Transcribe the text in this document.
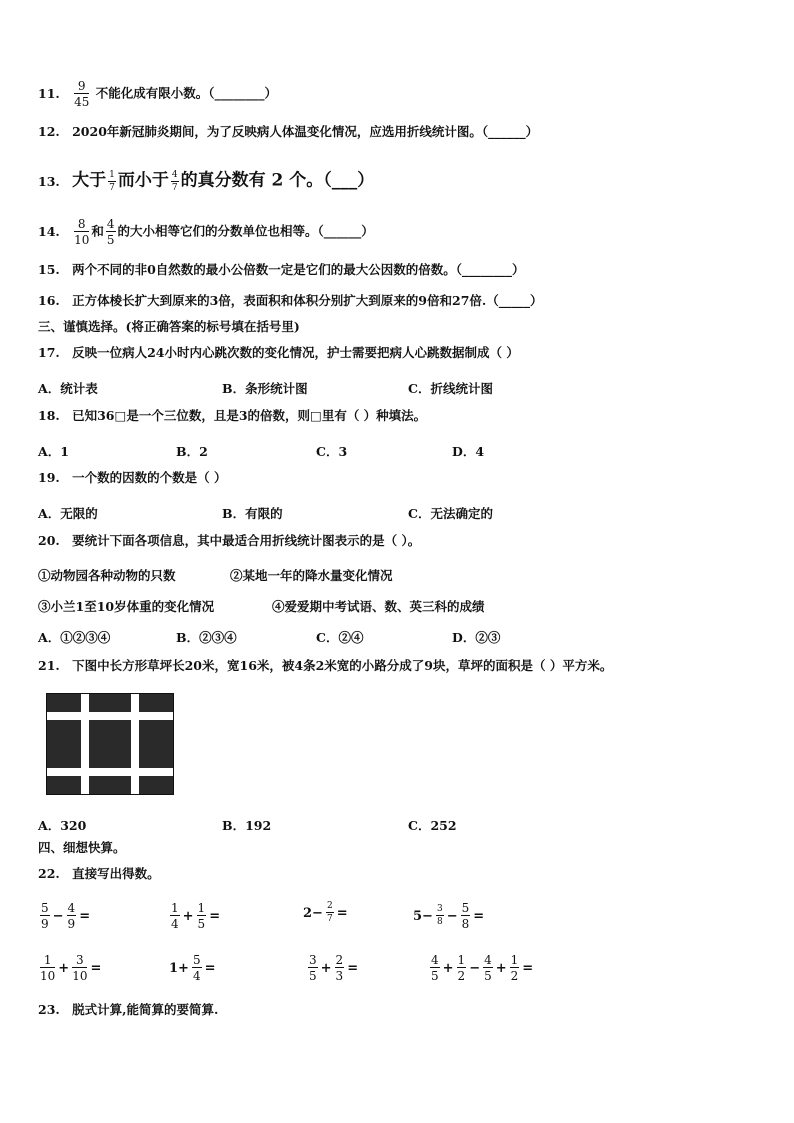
11. $\frac{9}{45}$ 不能化成有限小数。（________）
12. 2020年新冠肺炎期间，为了反映病人体温变化情况，应选用折线统计图。（______）
13. 大于 $\frac{1}{7}$ 而小于 $\frac{4}{7}$ 的真分数有 2 个。（___）
14. $\frac{8}{10}$ 和 $\frac{4}{5}$ 的大小相等它们的分数单位也相等。（______）
15. 两个不同的非0自然数的最小公倍数一定是它们的最大公因数的倍数。（________）
16. 正方体棱长扩大到原来的3倍，表面积和体积分别扩大到原来的9倍和27倍.（_____）
三、谨慎选择。(将正确答案的标号填在括号里)
17. 反映一位病人24小时内心跳次数的变化情况，护士需要把病人心跳数据制成（ ）
A．统计表	B．条形统计图	C．折线统计图
18. 已知36□是一个三位数，且是3的倍数，则□里有（ ）种填法。
A．1	B．2	C．3	D．4
19. 一个数的因数的个数是（ ）
A．无限的	B．有限的	C．无法确定的
20. 要统计下面各项信息，其中最适合用折线统计图表示的是（ ）。
①动物园各种动物的只数	②某地一年的降水量变化情况
③小兰1至10岁体重的变化情况	④爱爱期中考试语、数、英三科的成绩
A．①②③④	B．②③④	C．②④	D．②③
21. 下图中长方形草坪长20米，宽16米，被4条2米宽的小路分成了9块，草坪的面积是（ ）平方米。
A．320	B．192	C．252
四、细想快算。
22. 直接写出得数。
$\frac{5}{9} - \frac{4}{9}$ =	$\frac{1}{4} + \frac{1}{5}$ =	$2- \frac{2}{7}$ =	$5- \frac{3}{8} - \frac{5}{8}$ =
$\frac{1}{10} + \frac{3}{10}$ =	$1+ \frac{5}{4}$ =	$\frac{3}{5} + \frac{2}{3}$ =	$\frac{4}{5} + \frac{1}{2} - \frac{4}{5} + \frac{1}{2}$ =
23. 脱式计算,能简算的要简算.
